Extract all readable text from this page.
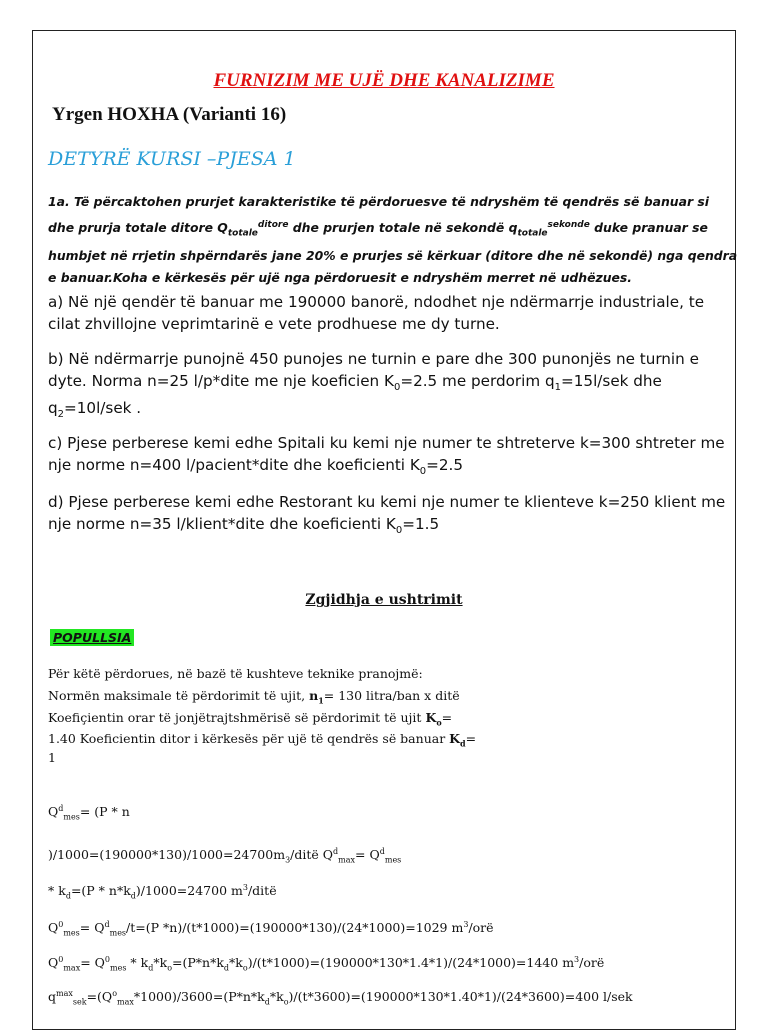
FURNIZIM ME UJË DHE KANALIZIME
Yrgen HOXHA (Varianti 16)
DETYRË KURSI –PJESA 1
1a. Të përcaktohen prurjet karakteristike të përdoruesve të ndryshëm të qendrës së banuar si dhe prurja totale ditore $Q_{totale}^{ditore}$ dhe prurjen totale në sekondë $q_{totale}^{sekonde}$ duke pranuar se humbjet në rrjetin shpërndarës jane 20% e prurjes së kërkuar (ditore dhe në sekondë) nga qendra e banuar.Koha e kërkesës për ujë nga përdoruesit e ndryshëm merret në udhëzues.
a) Në një qendër të banuar me 190000 banorë, ndodhet nje ndërmarrje industriale, te cilat zhvillojne veprimtarinë e vete prodhuese me dy turne.
b) Në ndërmarrje punojnë 450 punojes ne turnin e pare dhe 300 punonjës ne turnin e dyte. Norma n=25 l/p*dite me nje koeficien $K_0=2.5$ me perdorim $q_1=15l$/sek dhe $q_2=10l$/sek .
c) Pjese perberese kemi edhe Spitali ku kemi nje numer te shtreterve k=300 shtreter me nje norme n=400 l/pacient*dite dhe koeficienti $K_0=2.5$
d) Pjese perberese kemi edhe Restorant ku kemi nje numer te klienteve k=250 klient me nje norme n=35 l/klient*dite dhe koeficienti $K_0=1.5$
Zgjidhja e ushtrimit
POPULLSIA
Për këtë përdorues, në bazë të kushteve teknike pranojmë:
Normën maksimale të përdorimit të ujit, $n_1= 130$ litra/ban x ditë
Koefiçientin orar të jonjëtrajtshmërisë së përdorimit të ujit $K_o=$
1.40 Koeficientin ditor i kërkesës për ujë të qendrës së banuar $K_d=$
1
$Q^d_{mes}= (P * n$
)$/1000=(190000*130)/1000=24700m_3$/ditë $Q^d_{max}= Q^d_{mes}$
* $k_d=(P * n*k_d)/1000=24700$ $m^3$/ditë
$Q^0_{mes}= Q^d_{mes}/t=(P$ *n)/(t*1000)=(190000*130)/(24*1000)=1029 $m^3$/orë
$Q^0_{max}= Q^0_{mes} * k_d*k_o=(P*n*k_d*k_o)/(t*1000)=(190000*130*1.4*1)/(24*1000)=1440$ $m^3$/orë
$q^{max}_{sek}=(Q^o_{max}*1000)/3600=(P*n*k_d*k_o)/(t*3600)=(190000*130*1.40*1)/(24*3600)=400$ l/sek
